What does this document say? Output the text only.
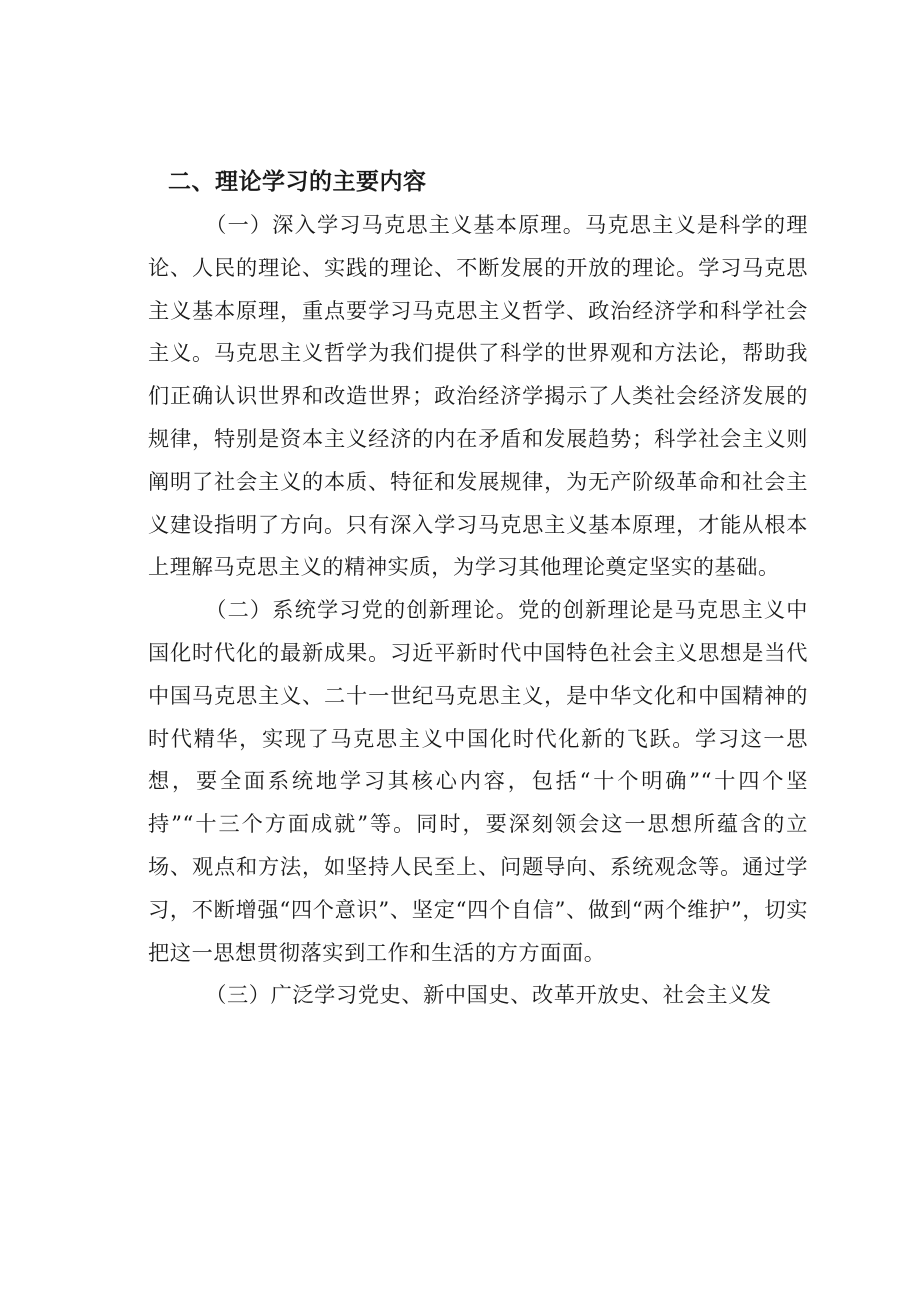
二、理论学习的主要内容

（一）深入学习马克思主义基本原理。马克思主义是科学的理论、人民的理论、实践的理论、不断发展的开放的理论。学习马克思主义基本原理，重点要学习马克思主义哲学、政治经济学和科学社会主义。马克思主义哲学为我们提供了科学的世界观和方法论，帮助我们正确认识世界和改造世界；政治经济学揭示了人类社会经济发展的规律，特别是资本主义经济的内在矛盾和发展趋势；科学社会主义则阐明了社会主义的本质、特征和发展规律，为无产阶级革命和社会主义建设指明了方向。只有深入学习马克思主义基本原理，才能从根本上理解马克思主义的精神实质，为学习其他理论奠定坚实的基础。

（二）系统学习党的创新理论。党的创新理论是马克思主义中国化时代化的最新成果。习近平新时代中国特色社会主义思想是当代中国马克思主义、二十一世纪马克思主义，是中华文化和中国精神的时代精华，实现了马克思主义中国化时代化新的飞跃。学习这一思想，要全面系统地学习其核心内容，包括“十个明确”“十四个坚持”“十三个方面成就”等。同时，要深刻领会这一思想所蕴含的立场、观点和方法，如坚持人民至上、问题导向、系统观念等。通过学习，不断增强“四个意识”、坚定“四个自信”、做到“两个维护”，切实把这一思想贯彻落实到工作和生活的方方面面。

（三）广泛学习党史、新中国史、改革开放史、社会主义发
